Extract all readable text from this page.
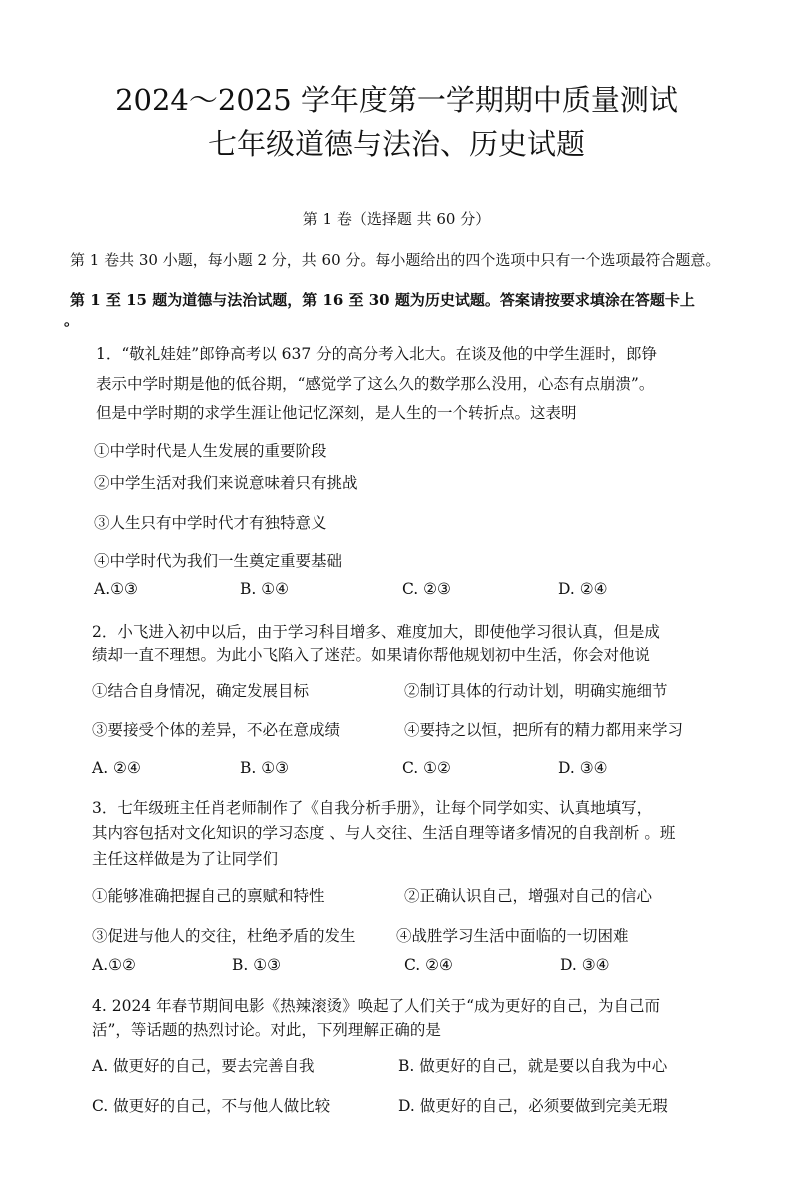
2024～2025 学年度第一学期期中质量测试
七年级道德与法治、历史试题
第 1 卷（选择题 共 60 分）
第 1 卷共 30 小题，每小题 2 分，共 60 分。每小题给出的四个选项中只有一个选项最符合题意。
第 1 至 15 题为道德与法治试题，第 16 至 30 题为历史试题。答案请按要求填涂在答题卡上
。
1．“敬礼娃娃”郎铮高考以 637 分的高分考入北大。在谈及他的中学生涯时，郎铮
表示中学时期是他的低谷期，“感觉学了这么久的数学那么没用，心态有点崩溃”。
但是中学时期的求学生涯让他记忆深刻，是人生的一个转折点。这表明
①中学时代是人生发展的重要阶段
②中学生活对我们来说意味着只有挑战
③人生只有中学时代才有独特意义
④中学时代为我们一生奠定重要基础
A.①③	B. ①④	C. ②③	D. ②④
2．小飞进入初中以后，由于学习科目增多、难度加大，即使他学习很认真，但是成
绩却一直不理想。为此小飞陷入了迷茫。如果请你帮他规划初中生活，你会对他说
①结合自身情况，确定发展目标	②制订具体的行动计划，明确实施细节
③要接受个体的差异，不必在意成绩	④要持之以恒，把所有的精力都用来学习
A. ②④	B. ①③	C. ①②	D. ③④
3．七年级班主任肖老师制作了《自我分析手册》，让每个同学如实、认真地填写，
其内容包括对文化知识的学习态度 、与人交往、生活自理等诸多情况的自我剖析 。班
主任这样做是为了让同学们
①能够准确把握自己的禀赋和特性	②正确认识自己，增强对自己的信心
③促进与他人的交往，杜绝矛盾的发生	④战胜学习生活中面临的一切困难
A.①②	B. ①③	C. ②④	D. ③④
4. 2024 年春节期间电影《热辣滚烫》唤起了人们关于“成为更好的自己，为自己而
活”，等话题的热烈讨论。对此，下列理解正确的是
A. 做更好的自己，要去完善自我	B. 做更好的自己，就是要以自我为中心
C. 做更好的自己，不与他人做比较	D. 做更好的自己，必须要做到完美无瑕
